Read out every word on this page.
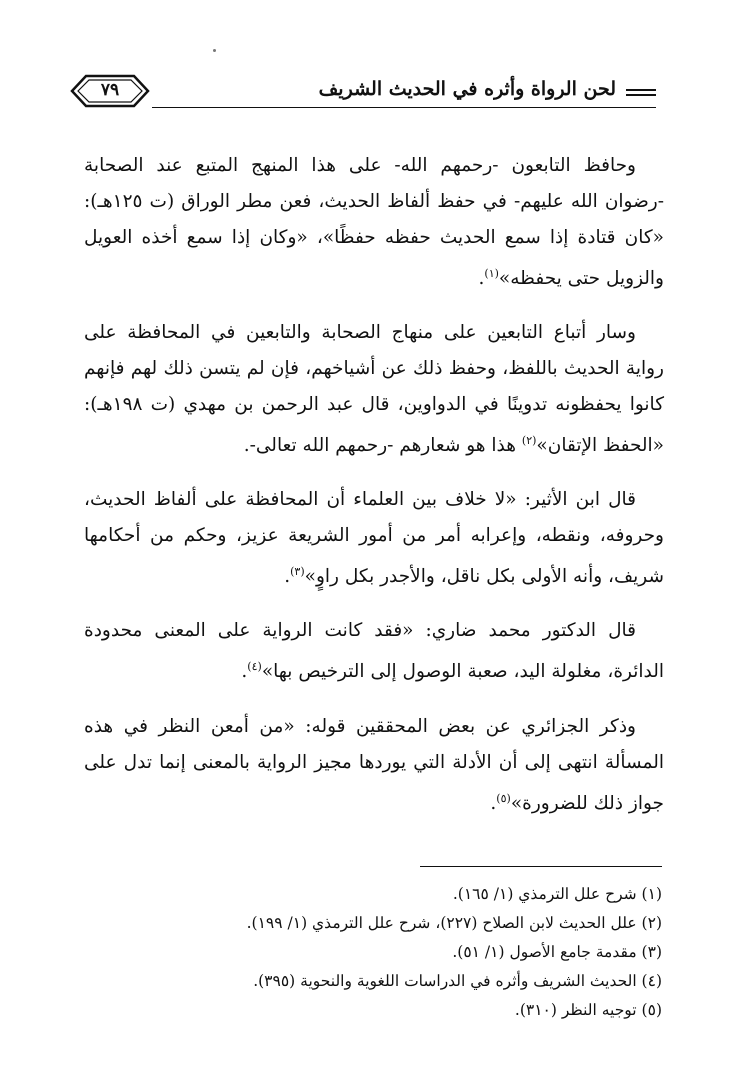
٧٩	لحن الرواة وأثره في الحديث الشريف

وحافظ التابعون -رحمهم الله- على هذا المنهج المتبع عند الصحابة -رضوان الله عليهم- في حفظ ألفاظ الحديث، فعن مطر الوراق (ت ١٢٥هـ): «كان قتادة إذا سمع الحديث حفظه حفظًا»، «وكان إذا سمع أخذه العويل والزويل حتى يحفظه»$^{(١)}$.

وسار أتباع التابعين على منهاج الصحابة والتابعين في المحافظة على رواية الحديث باللفظ، وحفظ ذلك عن أشياخهم، فإن لم يتسن ذلك لهم فإنهم كانوا يحفظونه تدوينًا في الدواوين، قال عبد الرحمن بن مهدي (ت ١٩٨هـ): «الحفظ الإتقان»$^{(٢)}$ هذا هو شعارهم -رحمهم الله تعالى-.

قال ابن الأثير: «لا خلاف بين العلماء أن المحافظة على ألفاظ الحديث، وحروفه، ونقطه، وإعرابه أمر من أمور الشريعة عزيز، وحكم من أحكامها شريف، وأنه الأولى بكل ناقل، والأجدر بكل راوٍ»$^{(٣)}$.

قال الدكتور محمد ضاري: «فقد كانت الرواية على المعنى محدودة الدائرة، مغلولة اليد، صعبة الوصول إلى الترخيص بها»$^{(٤)}$.

وذكر الجزائري عن بعض المحققين قوله: «من أمعن النظر في هذه المسألة انتهى إلى أن الأدلة التي يوردها مجيز الرواية بالمعنى إنما تدل على جواز ذلك للضرورة»$^{(٥)}$.

(١) شرح علل الترمذي (١/ ١٦٥).

(٢) علل الحديث لابن الصلاح (٢٢٧)، شرح علل الترمذي (١/ ١٩٩).

(٣) مقدمة جامع الأصول (١/ ٥١).

(٤) الحديث الشريف وأثره في الدراسات اللغوية والنحوية (٣٩٥).

(٥) توجيه النظر (٣١٠).
